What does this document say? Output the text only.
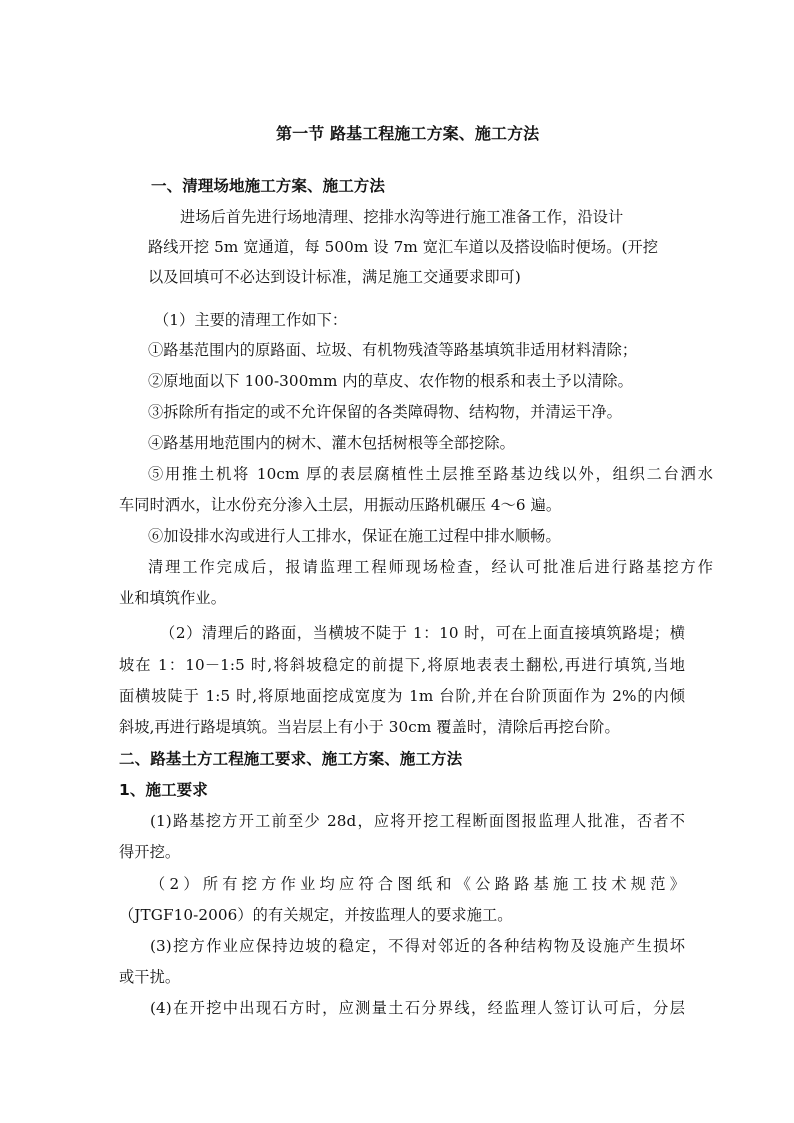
第一节 路基工程施工方案、施工方法
一、清理场地施工方案、施工方法
进场后首先进行场地清理、挖排水沟等进行施工准备工作，沿设计
路线开挖 5m 宽通道，每 500m 设 7m 宽汇车道以及搭设临时便场。(开挖
以及回填可不必达到设计标准，满足施工交通要求即可)
（1）主要的清理工作如下：
①路基范围内的原路面、垃圾、有机物残渣等路基填筑非适用材料清除；
②原地面以下 100-300mm 内的草皮、农作物的根系和表土予以清除。
③拆除所有指定的或不允许保留的各类障碍物、结构物，并清运干净。
④路基用地范围内的树木、灌木包括树根等全部挖除。
⑤用推土机将 10cm 厚的表层腐植性土层推至路基边线以外，组织二台洒水
车同时洒水，让水份充分渗入土层，用振动压路机碾压 4～6 遍。
⑥加设排水沟或进行人工排水，保证在施工过程中排水顺畅。
清理工作完成后，报请监理工程师现场检查，经认可批准后进行路基挖方作
业和填筑作业。
（2）清理后的路面，当横坡不陡于 1：10 时，可在上面直接填筑路堤；横
坡在 1：10－1:5 时,将斜坡稳定的前提下,将原地表表土翻松,再进行填筑,当地
面横坡陡于 1:5 时,将原地面挖成宽度为 1m 台阶,并在台阶顶面作为 2%的内倾
斜坡,再进行路堤填筑。当岩层上有小于 30cm 覆盖时，清除后再挖台阶。
二、路基土方工程施工要求、施工方案、施工方法
1、施工要求
(1)路基挖方开工前至少 28d，应将开挖工程断面图报监理人批准，否者不
得开挖。
（2）所有挖方作业均应符合图纸和《公路路基施工技术规范》
（JTGF10-2006）的有关规定，并按监理人的要求施工。
(3)挖方作业应保持边坡的稳定，不得对邻近的各种结构物及设施产生损坏
或干扰。
(4)在开挖中出现石方时，应测量土石分界线，经监理人签订认可后，分层
